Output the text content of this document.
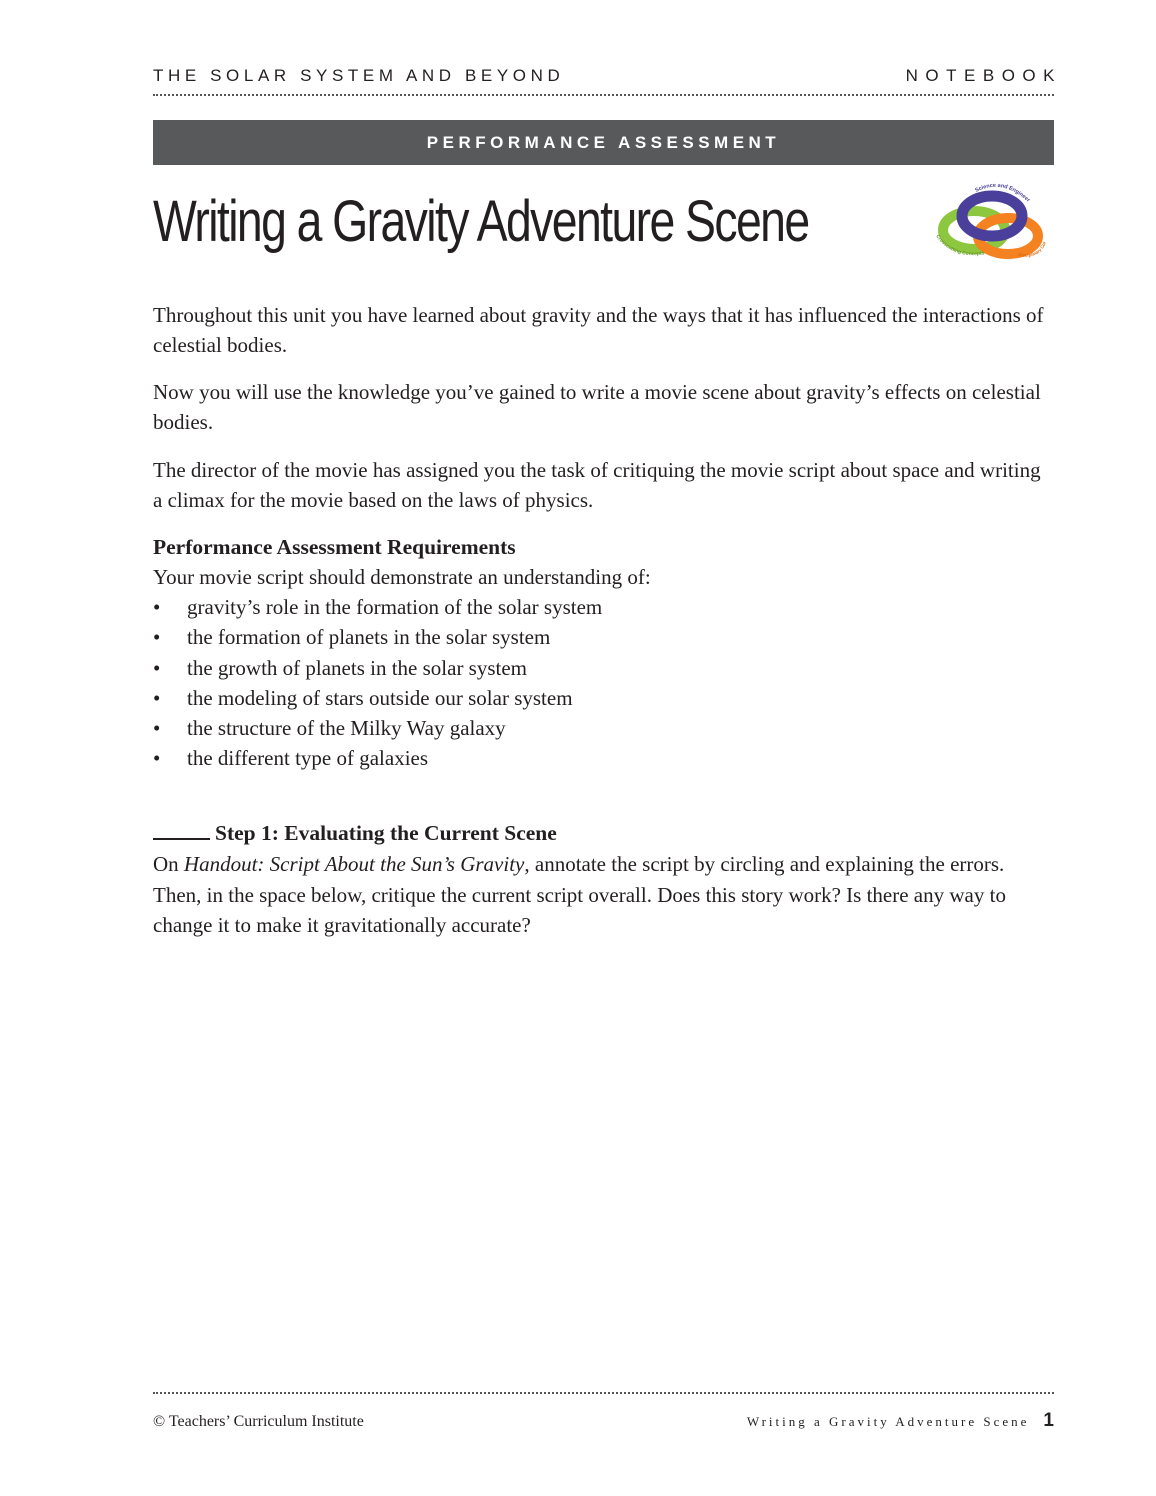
THE SOLAR SYSTEM AND BEYOND	NOTEBOOK
PERFORMANCE ASSESSMENT
Writing a Gravity Adventure Scene	Science and Engineer
Crosscutting Concepts	Disciplinary Cor

Throughout this unit you have learned about gravity and the ways that it has influenced the interactions of celestial bodies.

Now you will use the knowledge you’ve gained to write a movie scene about gravity’s effects on celestial bodies.

The director of the movie has assigned you the task of critiquing the movie script about space and writing a climax for the movie based on the laws of physics.

Performance Assessment Requirements
Your movie script should demonstrate an understanding of:
• gravity’s role in the formation of the solar system
• the formation of planets in the solar system
• the growth of planets in the solar system
• the modeling of stars outside our solar system
• the structure of the Milky Way galaxy
• the different type of galaxies
Step 1: Evaluating the Current Scene
On Handout: Script About the Sun’s Gravity, annotate the script by circling and explaining the errors. Then, in the space below, critique the current script overall. Does this story work? Is there any way to change it to make it gravitationally accurate?
© Teachers’ Curriculum Institute	Writing a Gravity Adventure Scene 1
